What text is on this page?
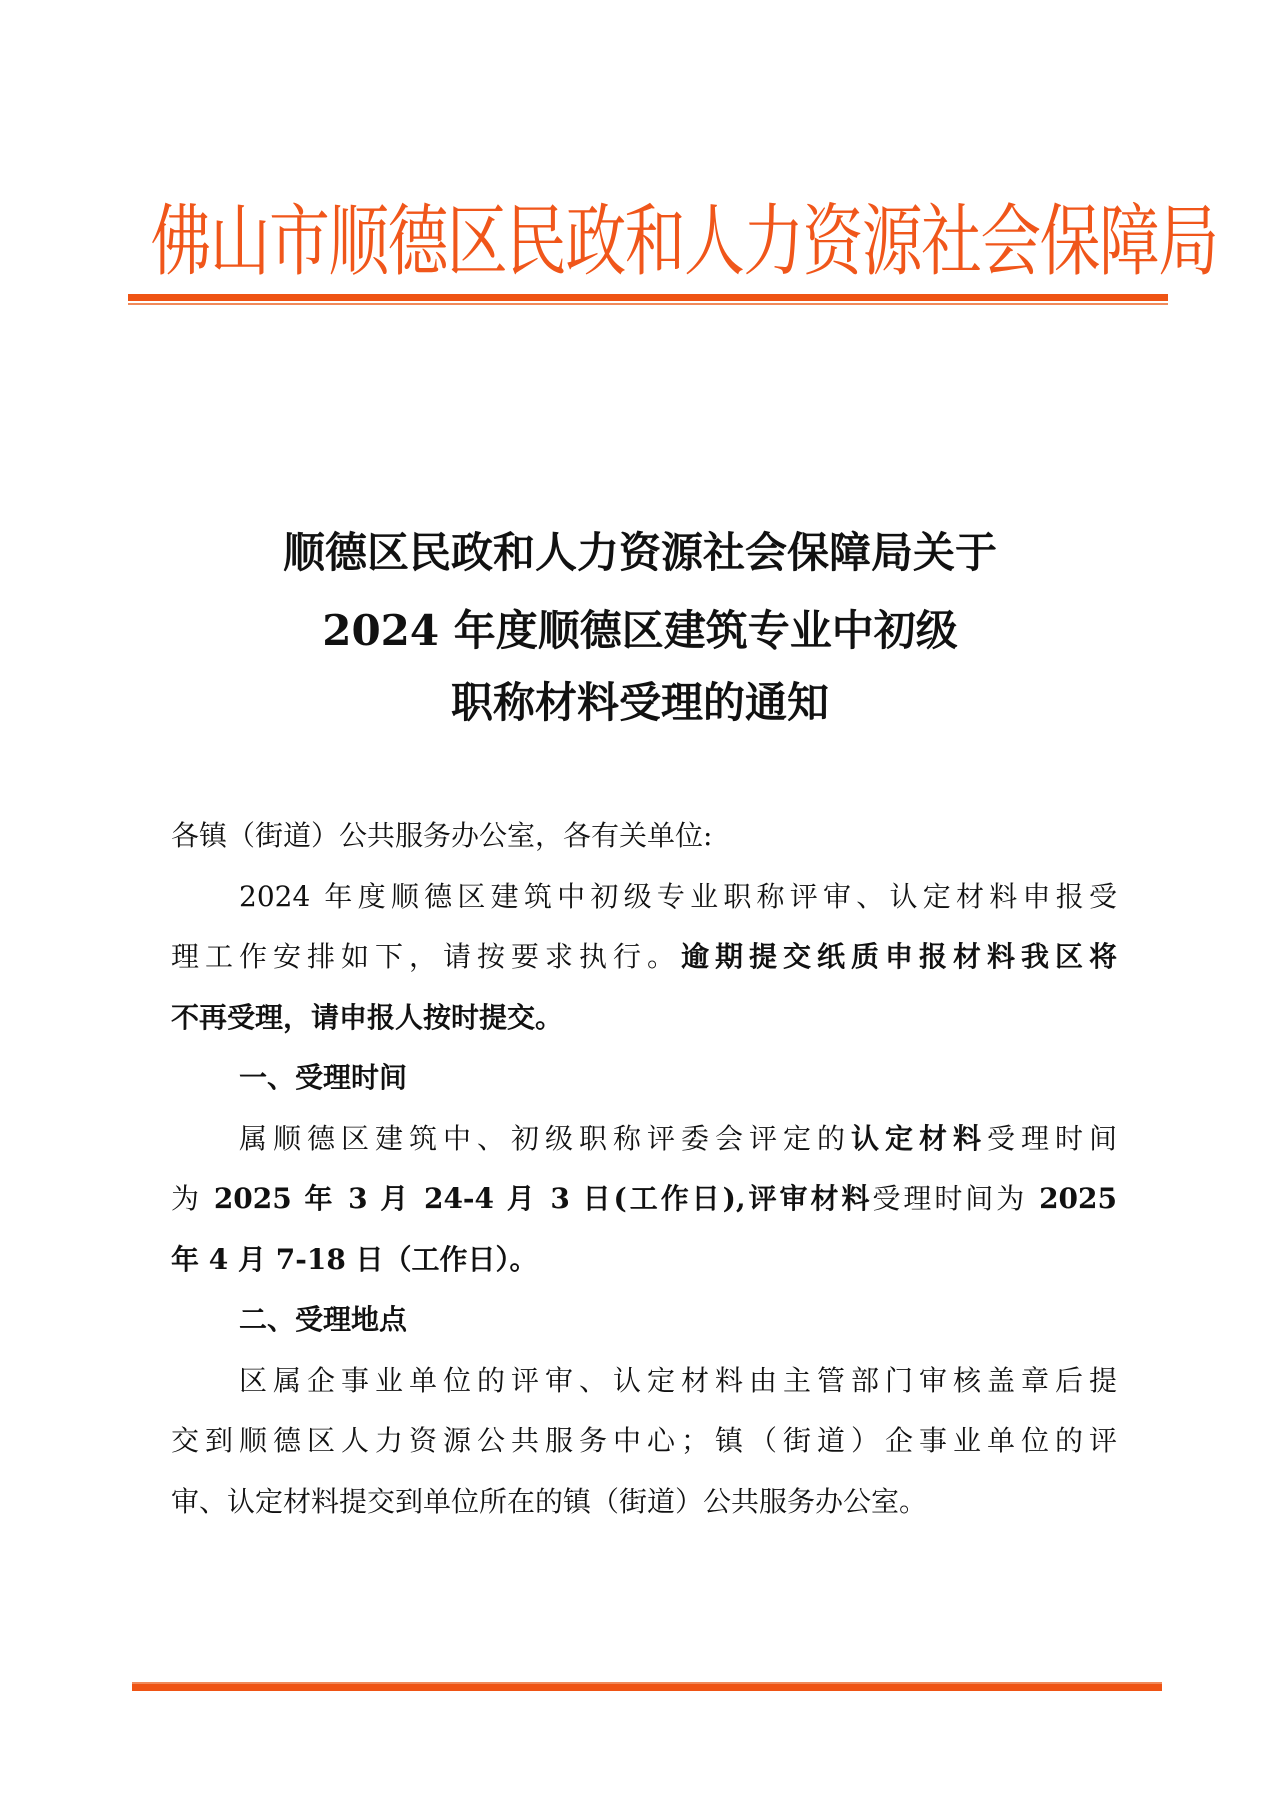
佛山市顺德区民政和人力资源社会保障局
顺德区民政和人力资源社会保障局关于
2024 年度顺德区建筑专业中初级
职称材料受理的通知
各镇（街道）公共服务办公室，各有关单位:
2024 年度顺德区建筑中初级专业职称评审、认定材料申报受
理工作安排如下，请按要求执行。逾期提交纸质申报材料我区将
不再受理，请申报人按时提交。
一、受理时间
属顺德区建筑中、初级职称评委会评定的认定材料受理时间
为 2025 年 3 月 24-4 月 3 日(工作日),评审材料受理时间为 2025
年 4 月 7-18 日（工作日）。
二、受理地点
区属企事业单位的评审、认定材料由主管部门审核盖章后提
交到顺德区人力资源公共服务中心；镇（街道）企事业单位的评
审、认定材料提交到单位所在的镇（街道）公共服务办公室。
